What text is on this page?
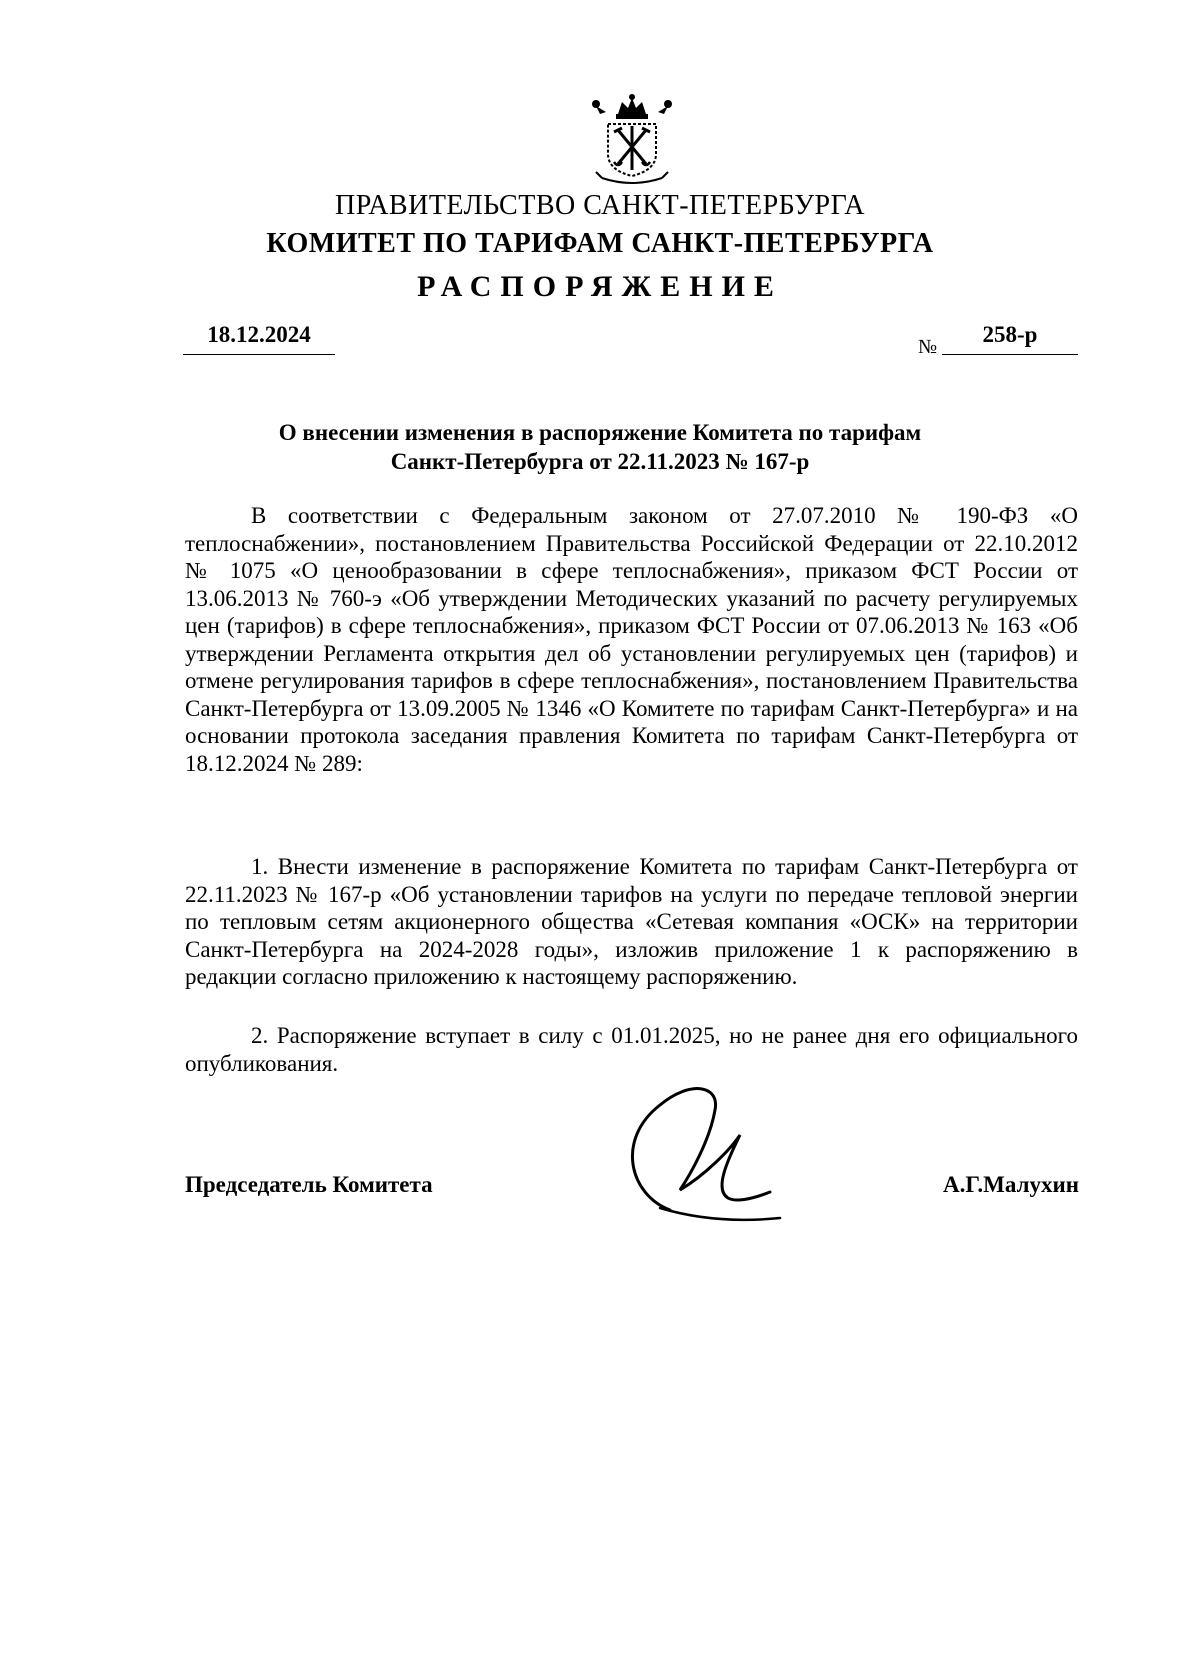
ПРАВИТЕЛЬСТВО САНКТ-ПЕТЕРБУРГА
КОМИТЕТ ПО ТАРИФАМ САНКТ-ПЕТЕРБУРГА
РАСПОРЯЖЕНИЕ
18.12.2024	№	258-р
О внесении изменения в распоряжение Комитета по тарифам
Санкт-Петербурга от 22.11.2023 № 167-р
В соответствии с Федеральным законом от 27.07.2010 № 190-ФЗ «О теплоснабжении», постановлением Правительства Российской Федерации от 22.10.2012 № 1075 «О ценообразовании в сфере теплоснабжения», приказом ФСТ России от 13.06.2013 № 760-э «Об утверждении Методических указаний по расчету регулируемых цен (тарифов) в сфере теплоснабжения», приказом ФСТ России от 07.06.2013 № 163 «Об утверждении Регламента открытия дел об установлении регулируемых цен (тарифов) и отмене регулирования тарифов в сфере теплоснабжения», постановлением Правительства Санкт-Петербурга от 13.09.2005 № 1346 «О Комитете по тарифам Санкт-Петербурга» и на основании протокола заседания правления Комитета по тарифам Санкт-Петербурга от 18.12.2024 № 289:
1. Внести изменение в распоряжение Комитета по тарифам Санкт-Петербурга от 22.11.2023 № 167-р «Об установлении тарифов на услуги по передаче тепловой энергии по тепловым сетям акционерного общества «Сетевая компания «ОСК» на территории Санкт-Петербурга на 2024-2028 годы», изложив приложение 1 к распоряжению в редакции согласно приложению к настоящему распоряжению.
2. Распоряжение вступает в силу с 01.01.2025, но не ранее дня его официального опубликования.
Председатель Комитета	А.Г.Малухин
